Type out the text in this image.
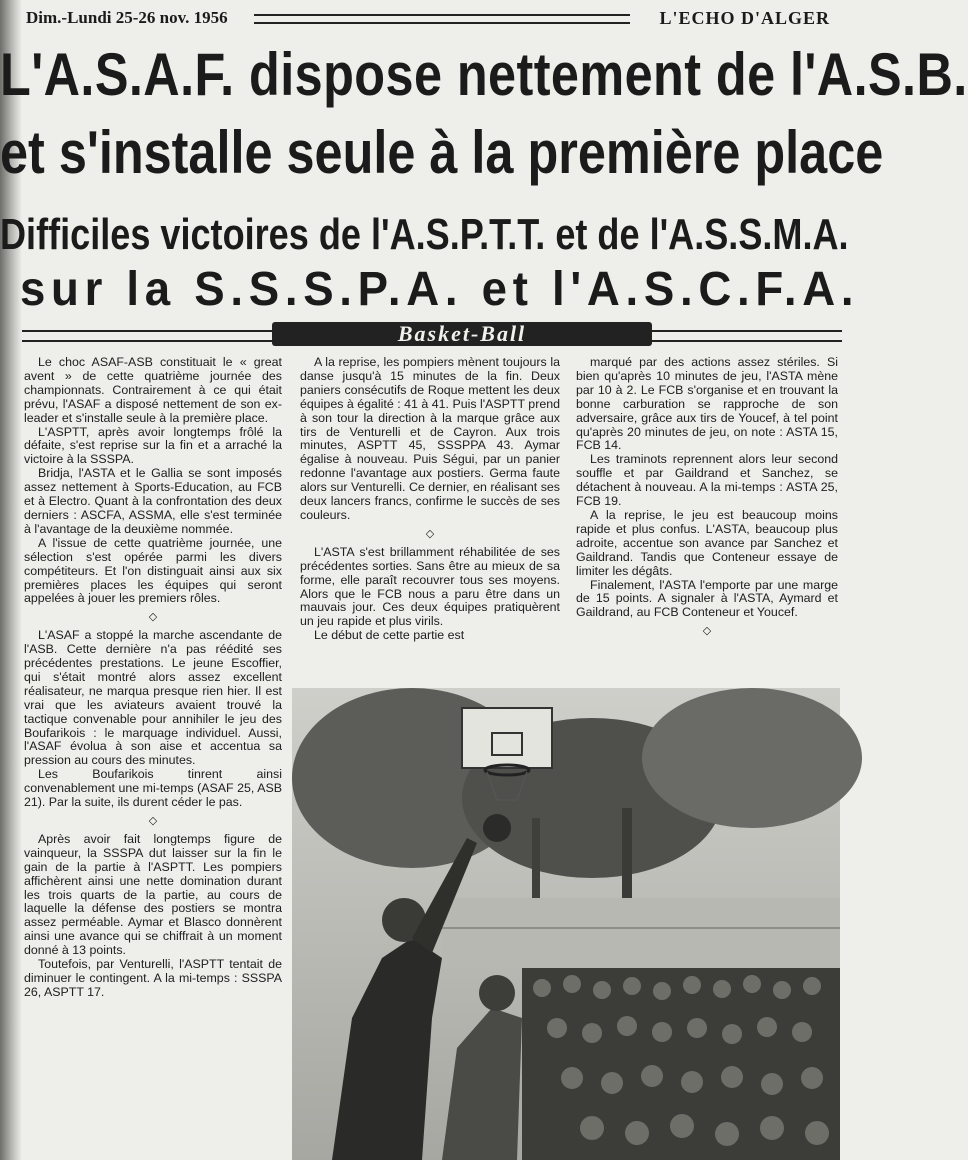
Dim.-Lundi 25-26 nov. 1956	L'ECHO D'ALGER
L'A.S.A.F. dispose nettement de l'A.S.B.
et s'installe seule à la première place
Difficiles victoires de l'A.S.P.T.T. et de l'A.S.S.M.A.
sur la S.S.S.P.A. et l'A.S.C.F.A.
Basket-Ball

Le choc ASAF-ASB constituait le « great avent » de cette quatrième journée des championnats. Contrairement à ce qui était prévu, l'ASAF a disposé nettement de son ex-leader et s'installe seule à la première place.

L'ASPTT, après avoir longtemps frôlé la défaite, s'est reprise sur la fin et a arraché la victoire à la SSSPA.

Bridja, l'ASTA et le Gallia se sont imposés assez nettement à Sports-Education, au FCB et à Electro. Quant à la confrontation des deux derniers : ASCFA, ASSMA, elle s'est terminée à l'avantage de la deuxième nommée.

A l'issue de cette quatrième journée, une sélection s'est opérée parmi les divers compétiteurs. Et l'on distinguait ainsi aux six premières places les équipes qui seront appelées à jouer les premiers rôles.

◇

L'ASAF a stoppé la marche ascendante de l'ASB. Cette dernière n'a pas réédité ses précédentes prestations. Le jeune Escoffier, qui s'était montré alors assez excellent réalisateur, ne marqua presque rien hier. Il est vrai que les aviateurs avaient trouvé la tactique convenable pour annihiler le jeu des Boufarikois : le marquage individuel. Aussi, l'ASAF évolua à son aise et accentua sa pression au cours des minutes.

Les Boufarikois tinrent ainsi convenablement une mi-temps (ASAF 25, ASB 21). Par la suite, ils durent céder le pas.

◇

Après avoir fait longtemps figure de vainqueur, la SSSPA dut laisser sur la fin le gain de la partie à l'ASPTT. Les pompiers affichèrent ainsi une nette domination durant les trois quarts de la partie, au cours de laquelle la défense des postiers se montra assez perméable. Aymar et Blasco donnèrent ainsi une avance qui se chiffrait à un moment donné à 13 points.

Toutefois, par Venturelli, l'ASPTT tentait de diminuer le contingent. A la mi-temps : SSSPA 26, ASPTT 17.

A la reprise, les pompiers mènent toujours la danse jusqu'à 15 minutes de la fin. Deux paniers consécutifs de Roque mettent les deux équipes à égalité : 41 à 41. Puis l'ASPTT prend à son tour la direction à la marque grâce aux tirs de Venturelli et de Cayron. Aux trois minutes, ASPTT 45, SSSPPA 43. Aymar égalise à nouveau. Puis Ségui, par un panier redonne l'avantage aux postiers. Germa faute alors sur Venturelli. Ce dernier, en réalisant ses deux lancers francs, confirme le succès de ses couleurs.

◇

L'ASTA s'est brillamment réhabilitée de ses précédentes sorties. Sans être au mieux de sa forme, elle paraît recouvrer tous ses moyens. Alors que le FCB nous a paru être dans un mauvais jour. Ces deux équipes pratiquèrent un jeu rapide et plus virils.

Le début de cette partie est

marqué par des actions assez stériles. Si bien qu'après 10 minutes de jeu, l'ASTA mène par 10 à 2. Le FCB s'organise et en trouvant la bonne carburation se rapproche de son adversaire, grâce aux tirs de Youcef, à tel point qu'après 20 minutes de jeu, on note : ASTA 15, FCB 14.

Les traminots reprennent alors leur second souffle et par Gaildrand et Sanchez, se détachent à nouveau. A la mi-temps : ASTA 25, FCB 19.

A la reprise, le jeu est beaucoup moins rapide et plus confus. L'ASTA, beaucoup plus adroite, accentue son avance par Sanchez et Gaildrand. Tandis que Conteneur essaye de limiter les dégâts.

Finalement, l'ASTA l'emporte par une marge de 15 points. A signaler à l'ASTA, Aymard et Gaildrand, au FCB Conteneur et Youcef.

◇
